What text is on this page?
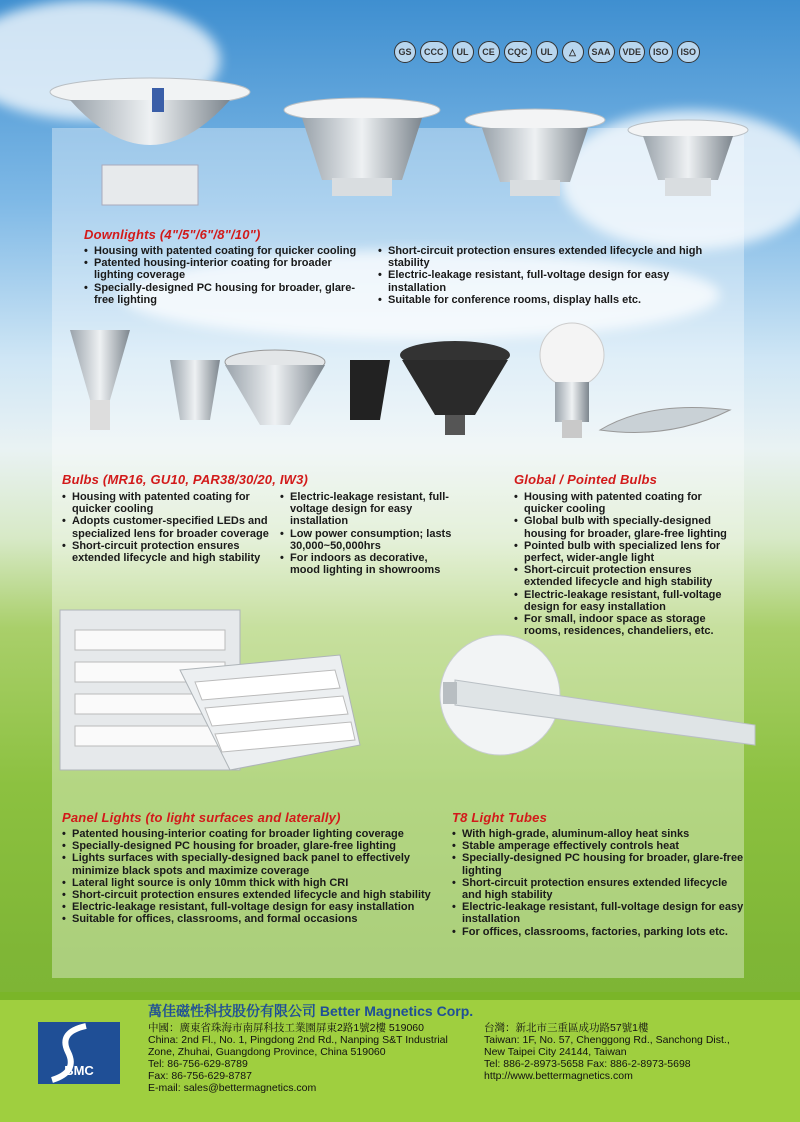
GS	CCC	UL	CE	CQC	UL	△	SAA	VDE	ISO	ISO
Downlights (4"/5"/6"/8"/10")
• Housing with patented coating for quicker cooling
• Patented housing-interior coating for broader lighting coverage
• Specially-designed PC housing for broader, glare-free lighting
• Short-circuit protection ensures extended lifecycle and high stability
• Electric-leakage resistant, full-voltage design for easy installation
• Suitable for conference rooms, display halls etc.
Bulbs (MR16, GU10, PAR38/30/20, IW3)
• Housing with patented coating for quicker cooling
• Adopts customer-specified LEDs and specialized lens for broader coverage
• Short-circuit protection ensures extended lifecycle and high stability
• Electric-leakage resistant, full-voltage design for easy installation
• Low power consumption; lasts 30,000~50,000hrs
• For indoors as decorative, mood lighting in showrooms
Global / Pointed Bulbs
• Housing with patented coating for quicker cooling
• Global bulb with specially-designed housing for broader, glare-free lighting
• Pointed bulb with specialized lens for perfect, wider-angle light
• Short-circuit protection ensures extended lifecycle and high stability
• Electric-leakage resistant, full-voltage design for easy installation
• For small, indoor space as storage rooms, residences, chandeliers, etc.
Panel Lights (to light surfaces and laterally)
• Patented housing-interior coating for broader lighting coverage
• Specially-designed PC housing for broader, glare-free lighting
• Lights surfaces with specially-designed back panel to effectively minimize black spots and maximize coverage
• Lateral light source is only 10mm thick with high CRI
• Short-circuit protection ensures extended lifecycle and high stability
• Electric-leakage resistant, full-voltage design for easy installation
• Suitable for offices, classrooms, and formal occasions
T8 Light Tubes
• With high-grade, aluminum-alloy heat sinks
• Stable amperage effectively controls heat
• Specially-designed PC housing for broader, glare-free lighting
• Short-circuit protection ensures extended lifecycle and high stability
• Electric-leakage resistant, full-voltage design for easy installation
• For offices, classrooms, factories, parking lots etc.
BMC
萬佳磁性科技股份有限公司 Better Magnetics Corp.
中國：廣東省珠海市南屏科技工業園屏東2路1號2樓 519060
China: 2nd Fl., No. 1, Pingdong 2nd Rd., Nanping S&T Industrial
Zone, Zhuhai, Guangdong Province, China 519060
Tel: 86-756-629-8789
Fax: 86-756-629-8787
E-mail: sales@bettermagnetics.com
台灣：新北市三重區成功路57號1樓
Taiwan: 1F, No. 57, Chenggong Rd., Sanchong Dist.,
New Taipei City 24144, Taiwan
Tel: 886-2-8973-5658 Fax: 886-2-8973-5698
http://www.bettermagnetics.com
